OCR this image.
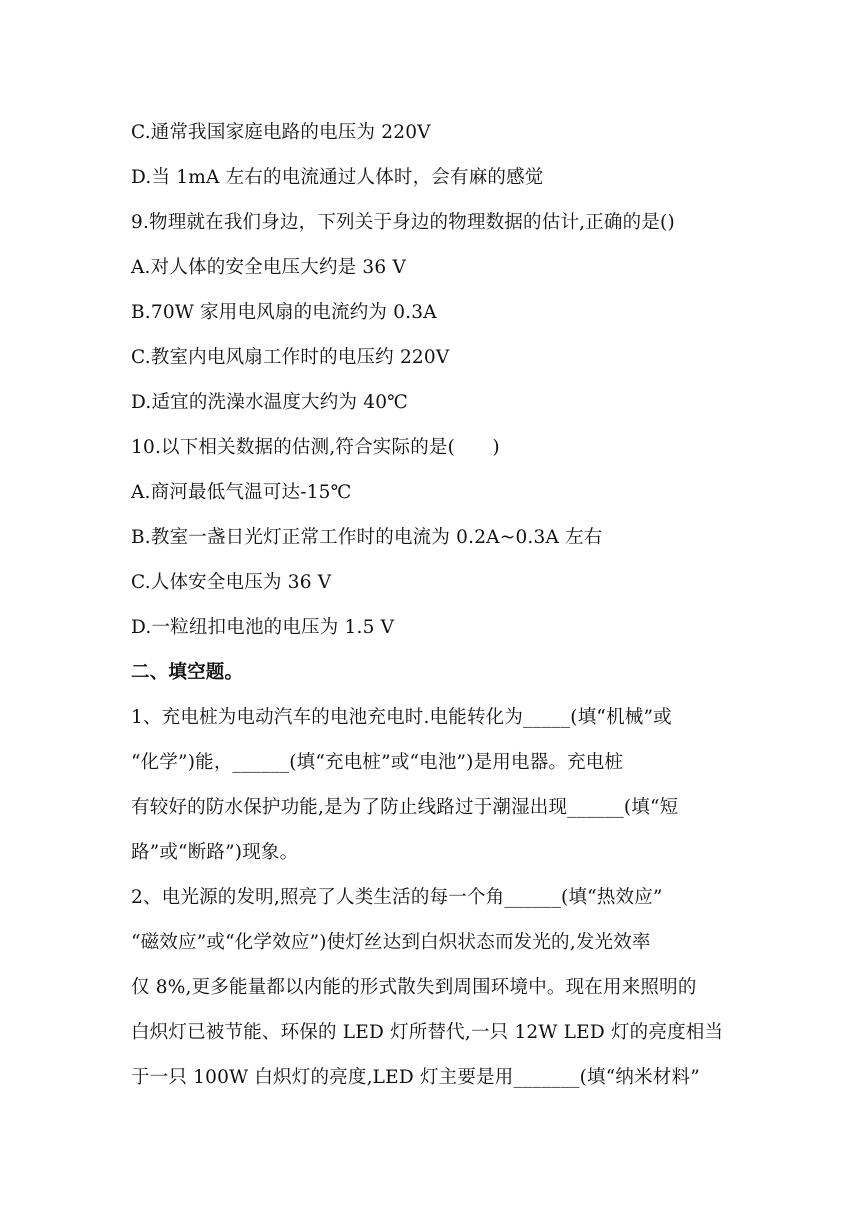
C.通常我国家庭电路的电压为 220V
D.当 1mA 左右的电流通过人体时，会有麻的感觉
9.物理就在我们身边，下列关于身边的物理数据的估计,正确的是()
A.对人体的安全电压大约是 36 V
B.70W 家用电风扇的电流约为 0.3A
C.教室内电风扇工作时的电压约 220V
D.适宜的洗澡水温度大约为 40℃
10.以下相关数据的估测,符合实际的是(　　)
A.商河最低气温可达-15℃
B.教室一盏日光灯正常工作时的电流为 0.2A~0.3A 左右
C.人体安全电压为 36 V
D.一粒纽扣电池的电压为 1.5 V
二、填空题。
1、充电桩为电动汽车的电池充电时.电能转化为_____(填“机械”或
“化学”)能，______(填“充电桩”或“电池”)是用电器。充电桩
有较好的防水保护功能,是为了防止线路过于潮湿出现______(填“短
路”或“断路”)现象。
2、电光源的发明,照亮了人类生活的每一个角______(填“热效应”
“磁效应”或“化学效应”)使灯丝达到白炽状态而发光的,发光效率
仅 8%,更多能量都以内能的形式散失到周围环境中。现在用来照明的
白炽灯已被节能、环保的 LED 灯所替代,一只 12W LED 灯的亮度相当
于一只 100W 白炽灯的亮度,LED 灯主要是用_______(填“纳米材料”
